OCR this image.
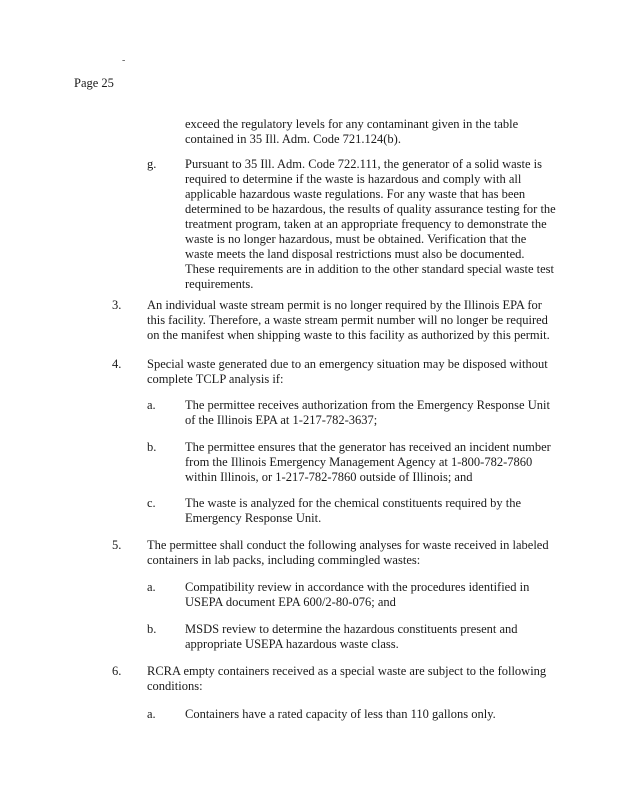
-
Page 25
exceed the regulatory levels for any contaminant given in the table
contained in 35 Ill. Adm. Code 721.124(b).
g. Pursuant to 35 Ill. Adm. Code 722.111, the generator of a solid waste is
required to determine if the waste is hazardous and comply with all
applicable hazardous waste regulations. For any waste that has been
determined to be hazardous, the results of quality assurance testing for the
treatment program, taken at an appropriate frequency to demonstrate the
waste is no longer hazardous, must be obtained. Verification that the
waste meets the land disposal restrictions must also be documented.
These requirements are in addition to the other standard special waste test
requirements.
3. An individual waste stream permit is no longer required by the Illinois EPA for
this facility. Therefore, a waste stream permit number will no longer be required
on the manifest when shipping waste to this facility as authorized by this permit.
4. Special waste generated due to an emergency situation may be disposed without
complete TCLP analysis if:
a. The permittee receives authorization from the Emergency Response Unit
of the Illinois EPA at 1-217-782-3637;
b. The permittee ensures that the generator has received an incident number
from the Illinois Emergency Management Agency at 1-800-782-7860
within Illinois, or 1-217-782-7860 outside of Illinois; and
c. The waste is analyzed for the chemical constituents required by the
Emergency Response Unit.
5. The permittee shall conduct the following analyses for waste received in labeled
containers in lab packs, including commingled wastes:
a. Compatibility review in accordance with the procedures identified in
USEPA document EPA 600/2-80-076; and
b. MSDS review to determine the hazardous constituents present and
appropriate USEPA hazardous waste class.
6. RCRA empty containers received as a special waste are subject to the following
conditions:
a. Containers have a rated capacity of less than 110 gallons only.
